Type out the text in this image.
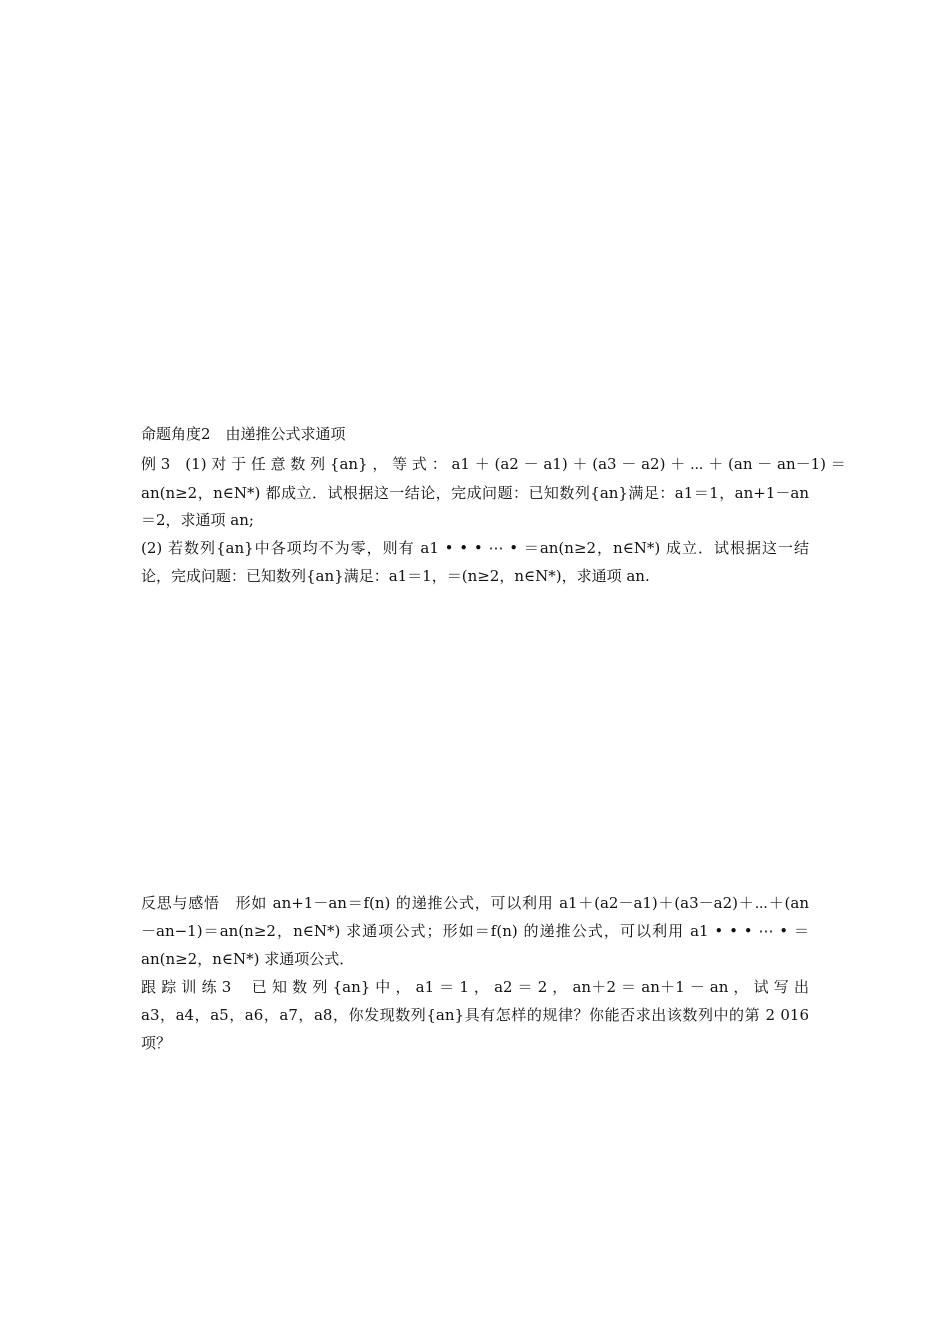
命题角度2　由递推公式求通项
例 3　(1) 对 于 任 意 数 列 {an} ， 等 式 ： a1 ＋ (a2 － a1) ＋ (a3 － a2) ＋ ⋯ ＋ (an － an－1) ＝
an(n≥2，n∈N*) 都成立．试根据这一结论，完成问题：已知数列{an}满足：a1＝1，an+1－an
＝2，求通项 an;
(2) 若数列{an}中各项均不为零，则有 a1 • • • ⋯ • ＝an(n≥2，n∈N*) 成立．试根据这一结
论，完成问题：已知数列{an}满足：a1＝1，＝(n≥2，n∈N*)，求通项 an.
反思与感悟　形如 an+1－an＝f(n) 的递推公式，可以利用 a1＋(a2－a1)＋(a3－a2)＋⋯＋(an
－an−1)＝an(n≥2，n∈N*) 求通项公式；形如＝f(n) 的递推公式，可以利用 a1 • • • ⋯ • ＝
an(n≥2，n∈N*) 求通项公式．
跟 踪 训 练 3　 已 知 数 列 {an} 中 ， a1 ＝ 1 ， a2 ＝ 2 ， an＋2 ＝ an＋1 － an ， 试 写 出
a3，a4，a5，a6，a7，a8，你发现数列{an}具有怎样的规律？你能否求出该数列中的第 2 016
项？
